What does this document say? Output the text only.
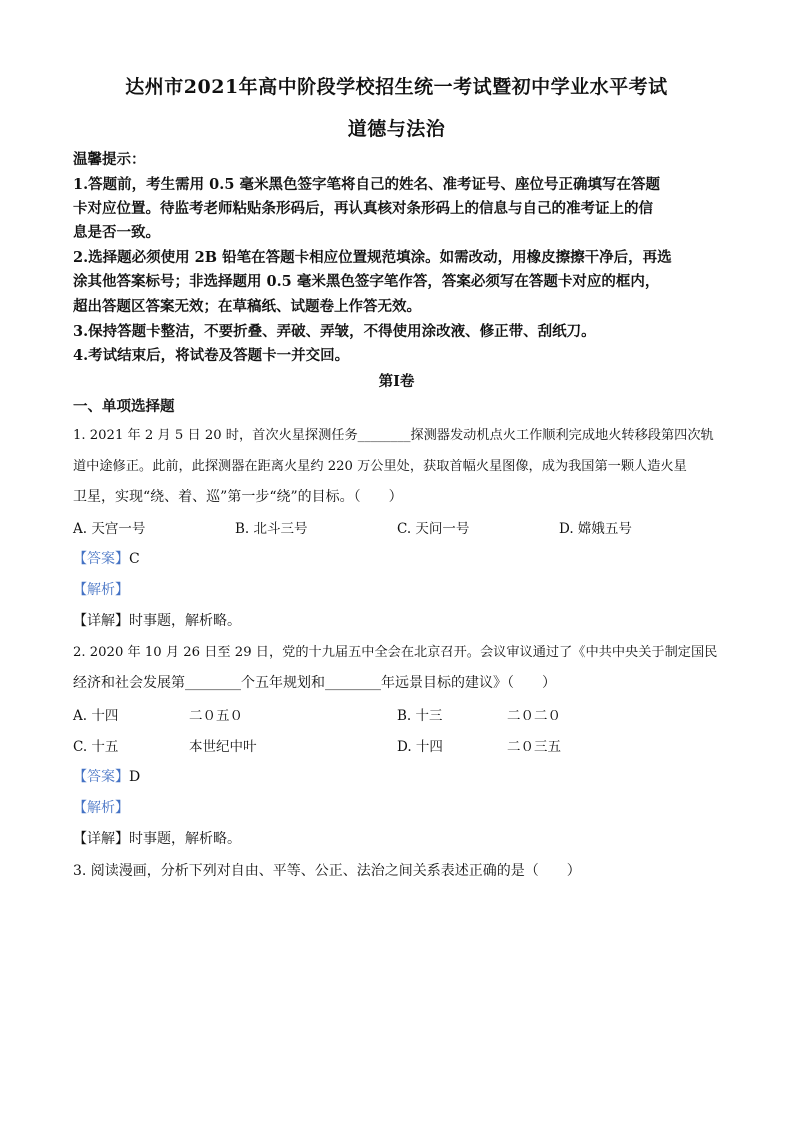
达州市2021年高中阶段学校招生统一考试暨初中学业水平考试
道德与法治
温馨提示：
1.答题前，考生需用 0.5 毫米黑色签字笔将自己的姓名、准考证号、座位号正确填写在答题
卡对应位置。待监考老师粘贴条形码后，再认真核对条形码上的信息与自己的准考证上的信
息是否一致。
2.选择题必须使用 2B 铅笔在答题卡相应位置规范填涂。如需改动，用橡皮擦擦干净后，再选
涂其他答案标号；非选择题用 0.5 毫米黑色签字笔作答，答案必须写在答题卡对应的框内，
超出答题区答案无效；在草稿纸、试题卷上作答无效。
3.保持答题卡整洁，不要折叠、弄破、弄皱，不得使用涂改液、修正带、刮纸刀。
4.考试结束后，将试卷及答题卡一并交回。
第Ⅰ卷
一、单项选择题
1. 2021 年 2 月 5 日 20 时，首次火星探测任务________探测器发动机点火工作顺利完成地火转移段第四次轨
道中途修正。此前，此探测器在距离火星约 220 万公里处，获取首幅火星图像，成为我国第一颗人造火星
卫星，实现“绕、着、巡”第一步“绕”的目标。（　　）
A. 天宫一号	B. 北斗三号	C. 天问一号	D. 嫦娥五号
【答案】C
【解析】
【详解】时事题，解析略。
2. 2020 年 10 月 26 日至 29 日，党的十九届五中全会在北京召开。会议审议通过了《中共中央关于制定国民
经济和社会发展第________个五年规划和________年远景目标的建议》（　　）
A. 十四	二０五０	B. 十三	二０二０
C. 十五	本世纪中叶	D. 十四	二０三五
【答案】D
【解析】
【详解】时事题，解析略。
3. 阅读漫画，分析下列对自由、平等、公正、法治之间关系表述正确的是（　　）
